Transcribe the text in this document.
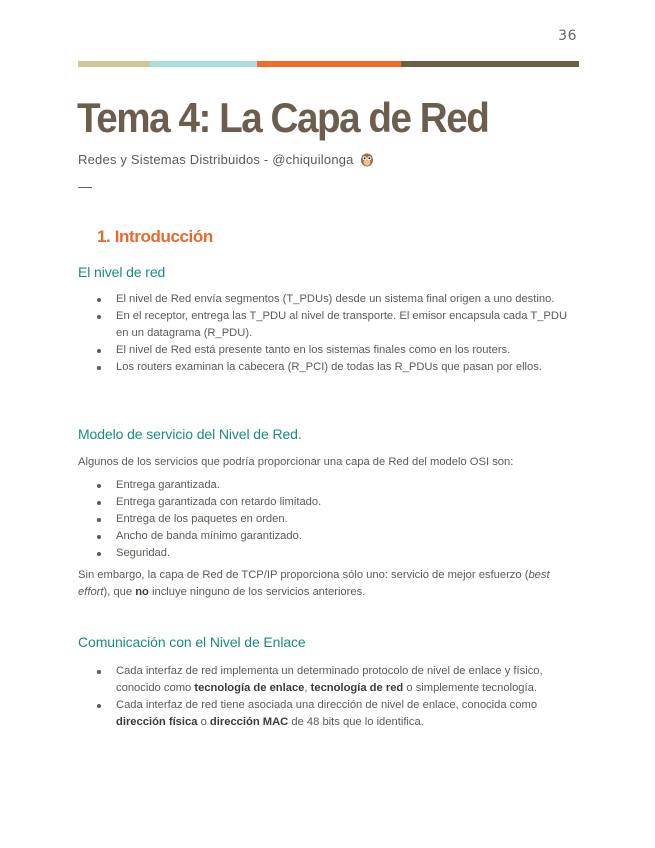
36
Tema 4: La Capa de Red
Redes y Sistemas Distribuidos - @chiquilonga
—
1. Introducción
El nivel de red
El nivel de Red envía segmentos (T_PDUs) desde un sistema final origen a uno destino.
En el receptor, entrega las T_PDU al nivel de transporte. El emisor encapsula cada T_PDU en un datagrama (R_PDU).
El nivel de Red está presente tanto en los sistemas finales como en los routers.
Los routers examinan la cabecera (R_PCI) de todas las R_PDUs que pasan por ellos.
Modelo de servicio del Nivel de Red.

Algunos de los servicios que podría proporcionar una capa de Red del modelo OSI son:

Entrega garantizada.
Entrega garantizada con retardo limitado.
Entrega de los paquetes en orden.
Ancho de banda mínimo garantizado.
Seguridad.

Sin embargo, la capa de Red de TCP/IP proporciona sólo uno: servicio de mejor esfuerzo (best effort), que no incluye ninguno de los servicios anteriores.

Comunicación con el Nivel de Enlace
Cada interfaz de red implementa un determinado protocolo de nivel de enlace y físico, conocido como tecnología de enlace, tecnología de red o simplemente tecnología.
Cada interfaz de red tiene asociada una dirección de nivel de enlace, conocida como dirección física o dirección MAC de 48 bits que lo identifica.
